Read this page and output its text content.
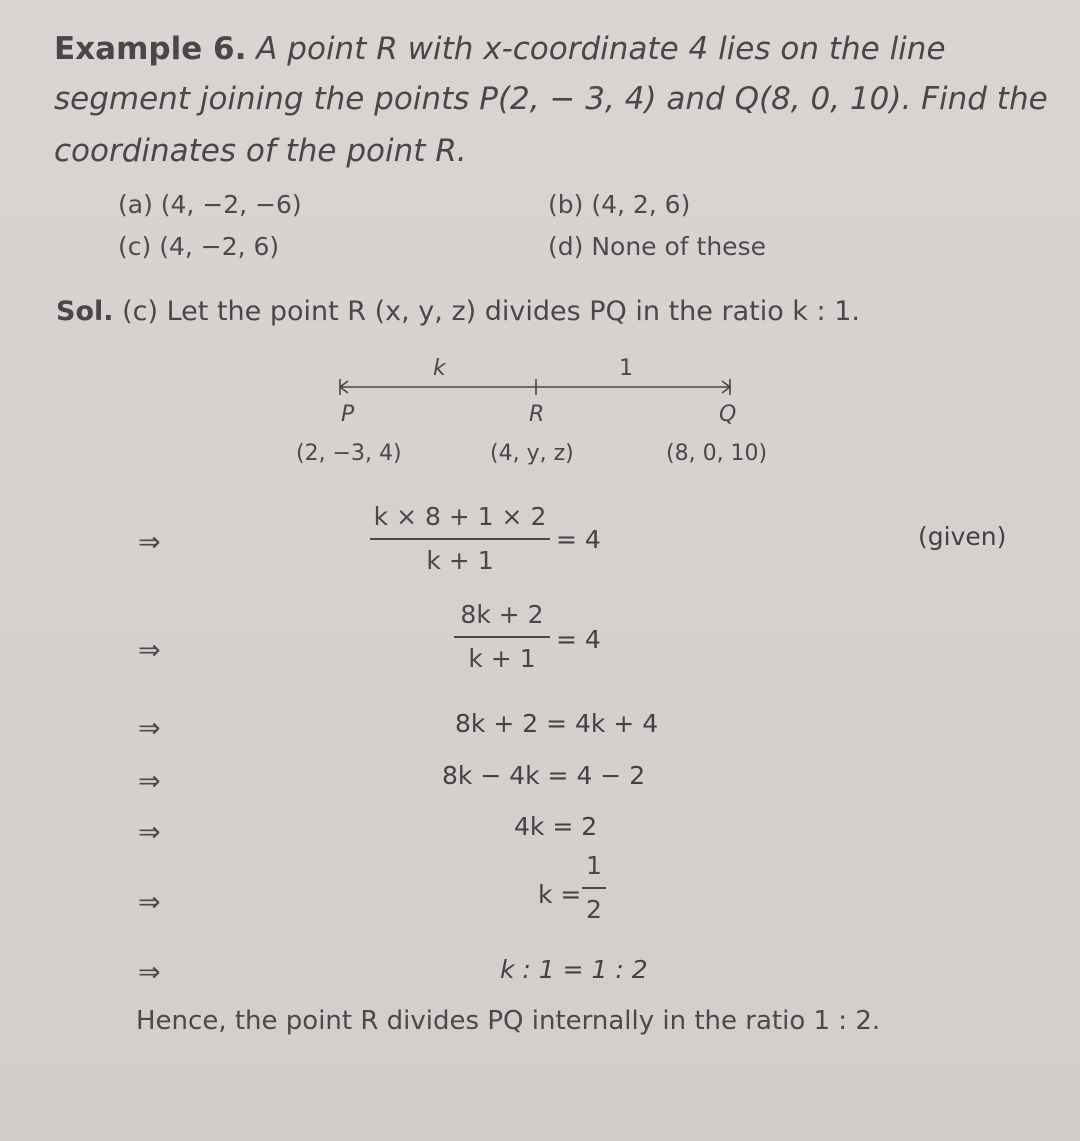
Example 6. A point R with x-coordinate 4 lies on the line
segment joining the points P(2, − 3, 4) and Q(8, 0, 10). Find the
coordinates of the point R.
(a) (4, −2, −6)	(b) (4, 2, 6)
(c) (4, −2, 6)	(d) None of these
Sol. (c) Let the point R (x, y, z) divides PQ in the ratio k : 1.
k	1
P	R	Q
(2, −3, 4)	(4, y, z)	(8, 0, 10)
⇒
k × 8 + 1 × 2
k + 1
= 4	(given)
⇒
8k + 2
k + 1
= 4
⇒	8k + 2 = 4k + 4
⇒	8k − 4k = 4 − 2
⇒	4k = 2
⇒	k =
1
2
⇒	k : 1 = 1 : 2
Hence, the point R divides PQ internally in the ratio 1 : 2.
